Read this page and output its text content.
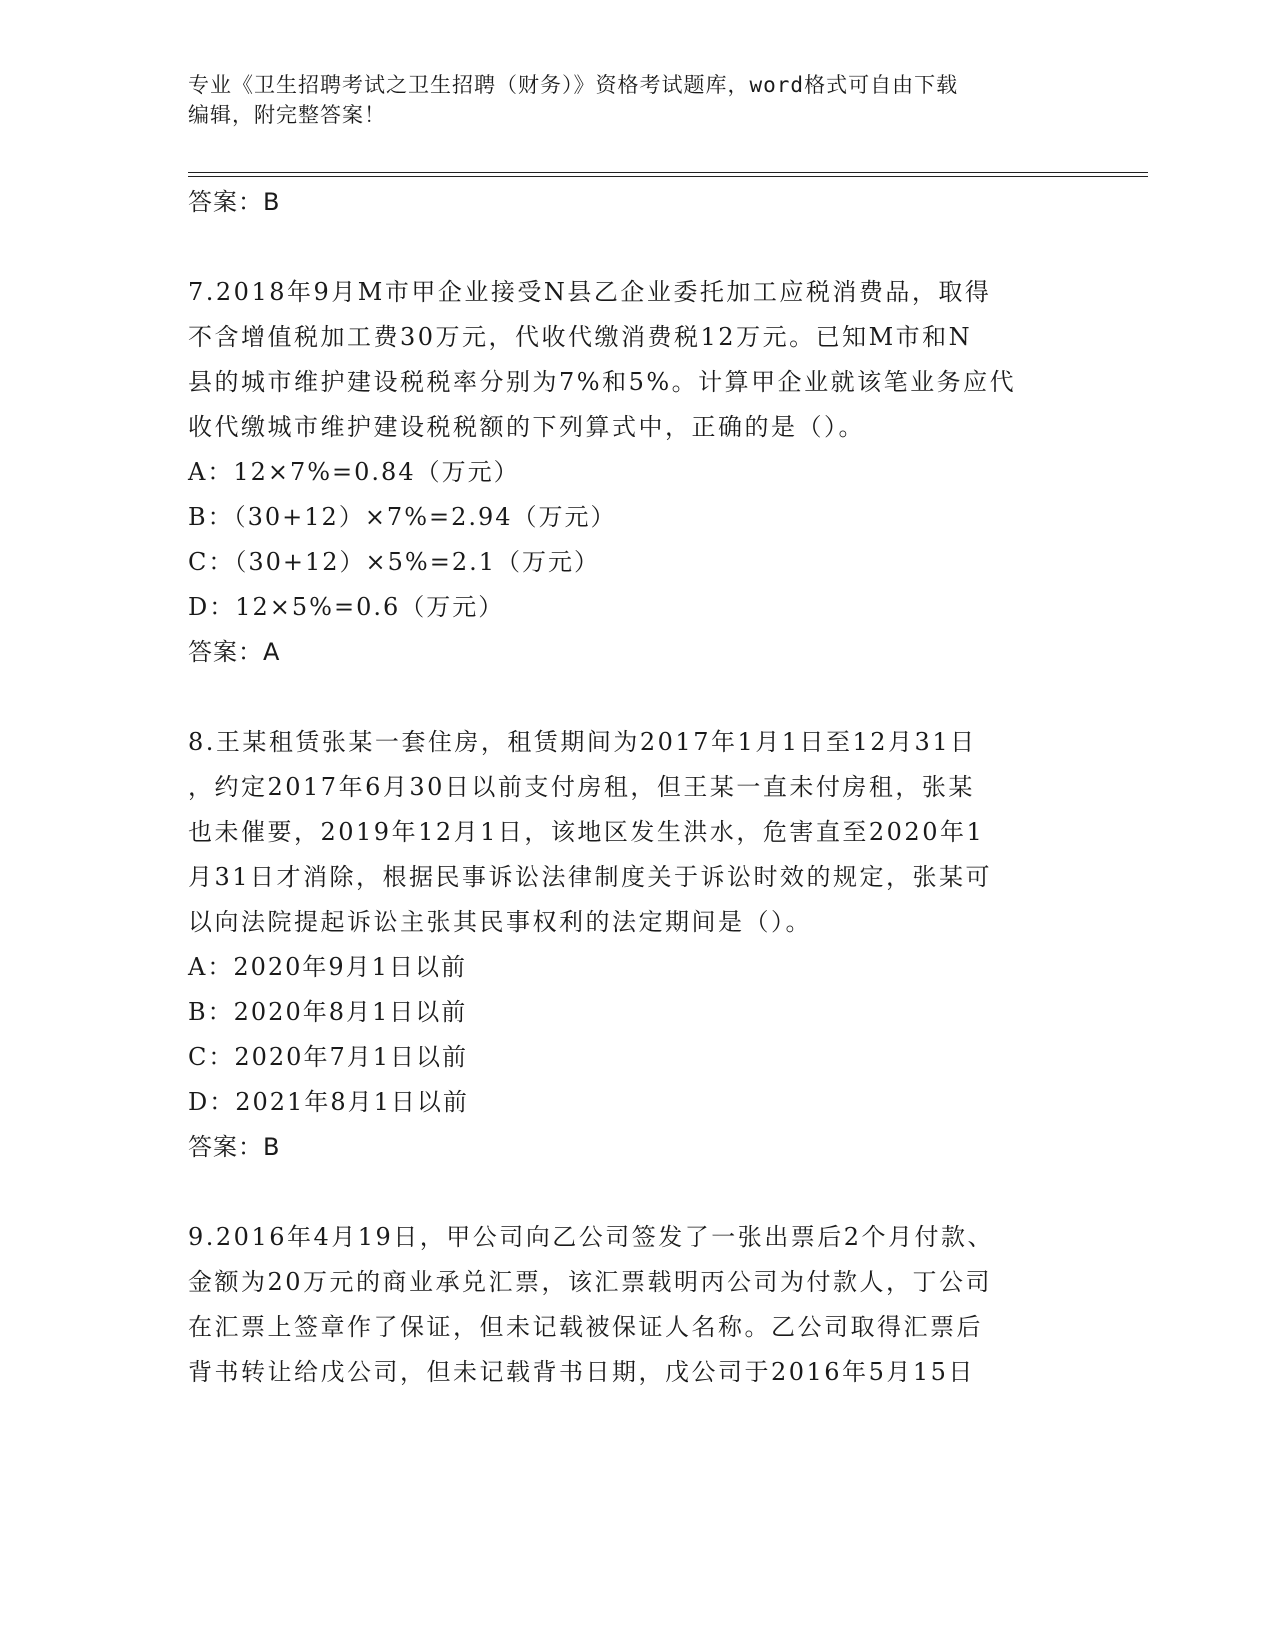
专业《卫生招聘考试之卫生招聘（财务）》资格考试题库，word格式可自由下载
编辑，附完整答案！

答案：B

7.2018年9月M市甲企业接受N县乙企业委托加工应税消费品，取得

不含增值税加工费30万元，代收代缴消费税12万元。已知M市和N

县的城市维护建设税税率分别为7%和5%。计算甲企业就该笔业务应代

收代缴城市维护建设税税额的下列算式中，正确的是（）。

A：12×7%=0.84（万元）

B：（30+12）×7%=2.94（万元）

C：（30+12）×5%=2.1（万元）

D：12×5%=0.6（万元）

答案：A

8.王某租赁张某一套住房，租赁期间为2017年1月1日至12月31日

，约定2017年6月30日以前支付房租，但王某一直未付房租，张某

也未催要，2019年12月1日，该地区发生洪水，危害直至2020年1

月31日才消除，根据民事诉讼法律制度关于诉讼时效的规定，张某可

以向法院提起诉讼主张其民事权利的法定期间是（）。

A：2020年9月1日以前

B：2020年8月1日以前

C：2020年7月1日以前

D：2021年8月1日以前

答案：B

9.2016年4月19日，甲公司向乙公司签发了一张出票后2个月付款、

金额为20万元的商业承兑汇票，该汇票载明丙公司为付款人，丁公司

在汇票上签章作了保证，但未记载被保证人名称。乙公司取得汇票后

背书转让给戊公司，但未记载背书日期，戊公司于2016年5月15日
